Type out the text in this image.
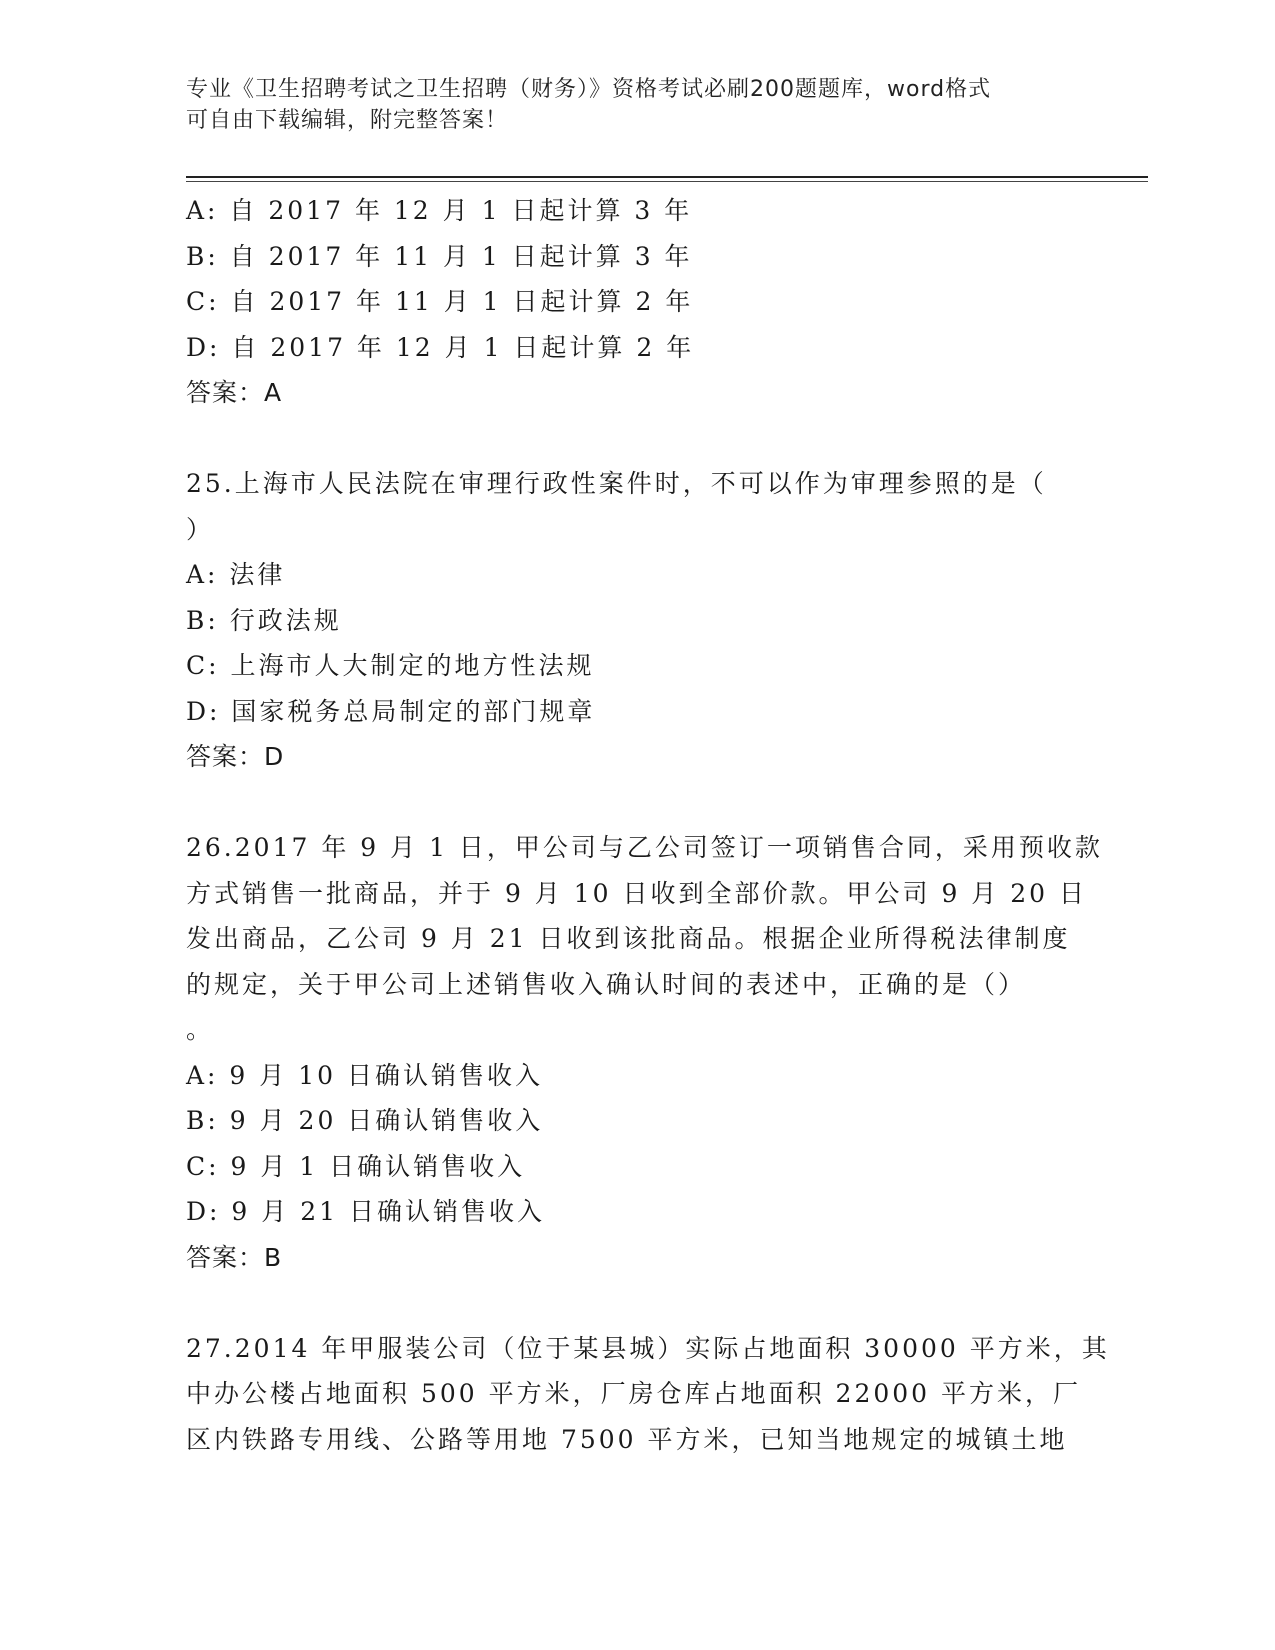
专业《卫生招聘考试之卫生招聘（财务）》资格考试必刷200题题库，word格式
可自由下载编辑，附完整答案！
A: 自 2017 年 12 月 1 日起计算 3 年
B: 自 2017 年 11 月 1 日起计算 3 年
C: 自 2017 年 11 月 1 日起计算 2 年
D: 自 2017 年 12 月 1 日起计算 2 年
答案：A
25.上海市人民法院在审理行政性案件时，不可以作为审理参照的是（
）
A: 法律
B: 行政法规
C: 上海市人大制定的地方性法规
D: 国家税务总局制定的部门规章
答案：D
26.2017 年 9 月 1 日，甲公司与乙公司签订一项销售合同，采用预收款
方式销售一批商品，并于 9 月 10 日收到全部价款。甲公司 9 月 20 日
发出商品，乙公司 9 月 21 日收到该批商品。根据企业所得税法律制度
的规定，关于甲公司上述销售收入确认时间的表述中，正确的是（）
。
A: 9 月 10 日确认销售收入
B: 9 月 20 日确认销售收入
C: 9 月 1 日确认销售收入
D: 9 月 21 日确认销售收入
答案：B
27.2014 年甲服装公司（位于某县城）实际占地面积 30000 平方米，其
中办公楼占地面积 500 平方米，厂房仓库占地面积 22000 平方米，厂
区内铁路专用线、公路等用地 7500 平方米，已知当地规定的城镇土地
